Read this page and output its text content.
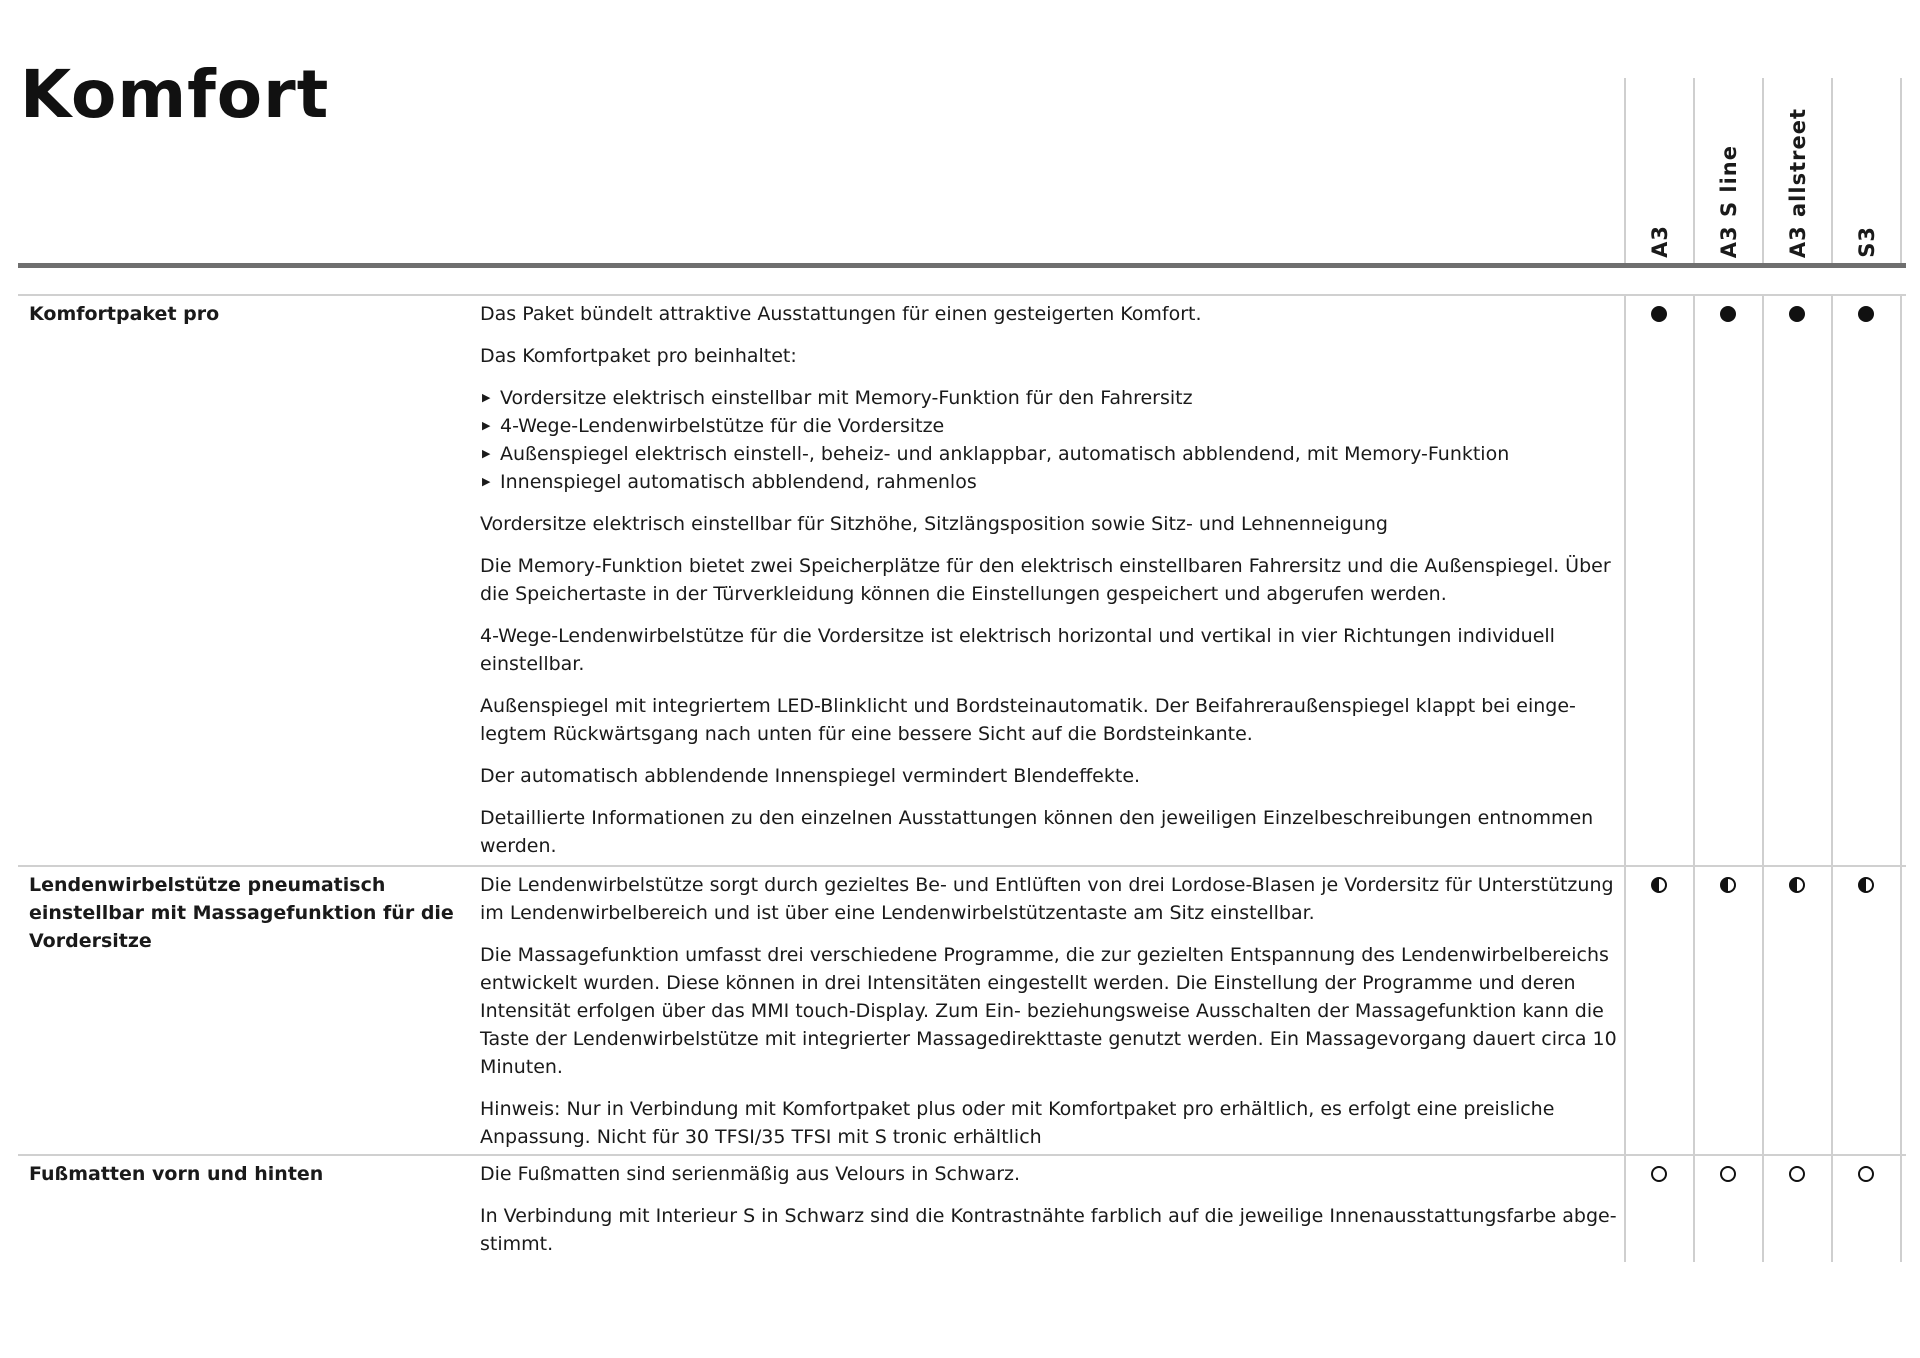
Komfort
A3 A3 S line A3 allstreet S3

Komfortpaket pro	Das Paket bündelt attraktive Ausstattungen für einen gesteigerten Komfort.

Das Komfortpaket pro beinhaltet:

▶ Vordersitze elektrisch einstellbar mit Memory-Funktion für den Fahrersitz
▶ 4-Wege-Lendenwirbelstütze für die Vordersitze
▶ Außenspiegel elektrisch einstell-, beheiz- und anklappbar, automatisch abblendend, mit Memory-Funktion
▶ Innenspiegel automatisch abblendend, rahmenlos

Vordersitze elektrisch einstellbar für Sitzhöhe, Sitzlängsposition sowie Sitz- und Lehnenneigung

Die Memory-Funktion bietet zwei Speicherplätze für den elektrisch einstellbaren Fahrersitz und die Außenspiegel. Über die Speichertaste in der Türverkleidung können die Einstellungen gespeichert und abgerufen werden.

4-Wege-Lendenwirbelstütze für die Vordersitze ist elektrisch horizontal und vertikal in vier Richtungen individuell einstellbar.

Außenspiegel mit integriertem LED-Blinklicht und Bordsteinautomatik. Der Beifahreraußenspiegel klappt bei einge-legtem Rückwärtsgang nach unten für eine bessere Sicht auf die Bordsteinkante.

Der automatisch abblendende Innenspiegel vermindert Blendeffekte.

Detaillierte Informationen zu den einzelnen Ausstattungen können den jeweiligen Einzelbeschreibungen entnommen werden.

Lendenwirbelstütze pneumatisch einstellbar mit Massagefunktion für die Vordersitze

Die Lendenwirbelstütze sorgt durch gezieltes Be- und Entlüften von drei Lordose-Blasen je Vordersitz für Unterstützung im Lendenwirbelbereich und ist über eine Lendenwirbelstützentaste am Sitz einstellbar.

Die Massagefunktion umfasst drei verschiedene Programme, die zur gezielten Entspannung des Lendenwirbelbereichs entwickelt wurden. Diese können in drei Intensitäten eingestellt werden. Die Einstellung der Programme und deren Intensität erfolgen über das MMI touch-Display. Zum Ein- beziehungsweise Ausschalten der Massagefunktion kann die Taste der Lendenwirbelstütze mit integrierter Massagedirekttaste genutzt werden. Ein Massagevorgang dauert circa 10 Minuten.

Hinweis: Nur in Verbindung mit Komfortpaket plus oder mit Komfortpaket pro erhältlich, es erfolgt eine preisliche Anpassung. Nicht für 30 TFSI/35 TFSI mit S tronic erhältlich

Fußmatten vorn und hinten	Die Fußmatten sind serienmäßig aus Velours in Schwarz.

In Verbindung mit Interieur S in Schwarz sind die Kontrastnähte farblich auf die jeweilige Innenausstattungsfarbe abge-stimmt.
